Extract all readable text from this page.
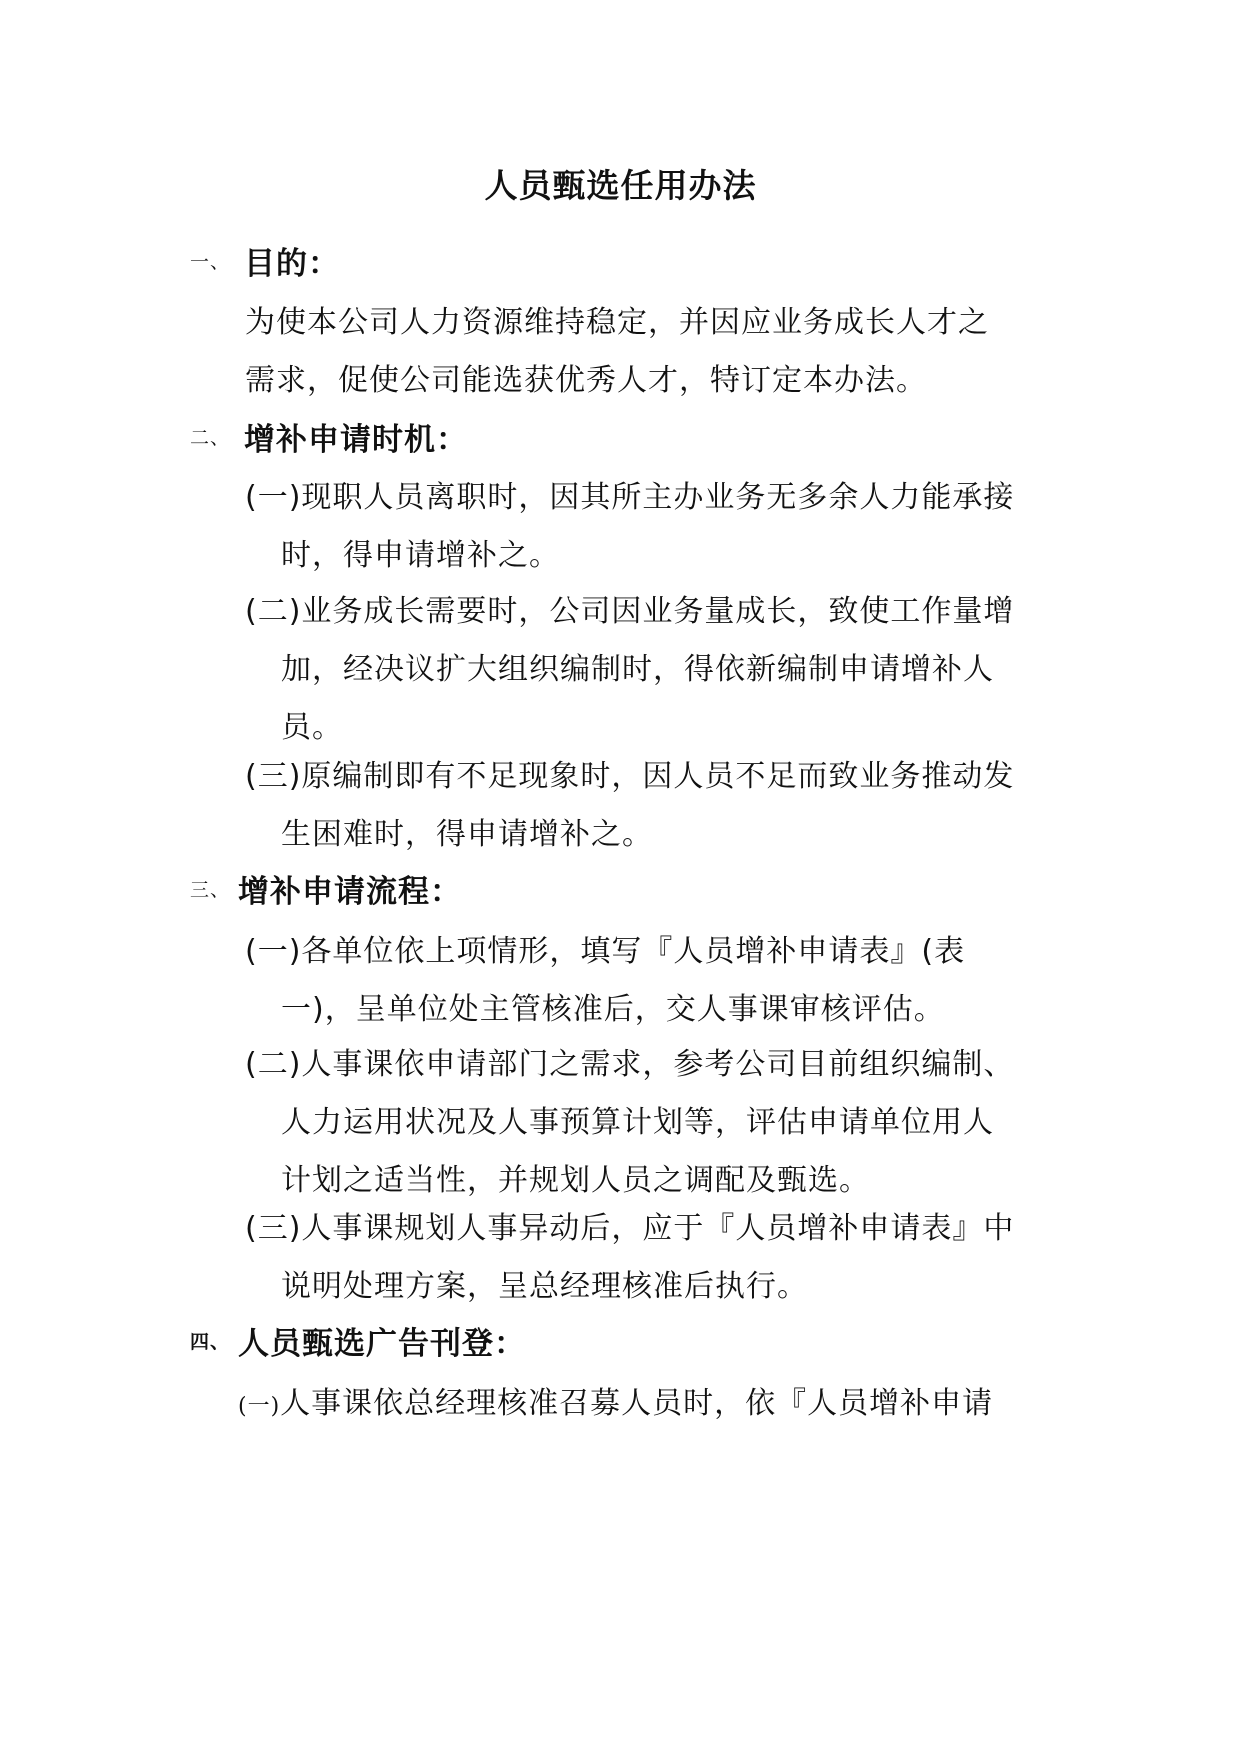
人员甄选任用办法
一、 目的：
为使本公司人力资源维持稳定，并因应业务成长人才之
需求，促使公司能选获优秀人才，特订定本办法。
二、 增补申请时机：
(一)现职人员离职时，因其所主办业务无多余人力能承接
时，得申请增补之。
(二)业务成长需要时，公司因业务量成长，致使工作量增
加，经决议扩大组织编制时，得依新编制申请增补人
员。
(三)原编制即有不足现象时，因人员不足而致业务推动发
生困难时，得申请增补之。
三、 增补申请流程：
(一)各单位依上项情形，填写『人员增补申请表』(表
一)，呈单位处主管核准后，交人事课审核评估。
(二)人事课依申请部门之需求，参考公司目前组织编制、
人力运用状况及人事预算计划等，评估申请单位用人
计划之适当性，并规划人员之调配及甄选。
(三)人事课规划人事异动后，应于『人员增补申请表』中
说明处理方案，呈总经理核准后执行。
四、 人员甄选广告刊登：
(一)人事课依总经理核准召募人员时，依『人员增补申请
